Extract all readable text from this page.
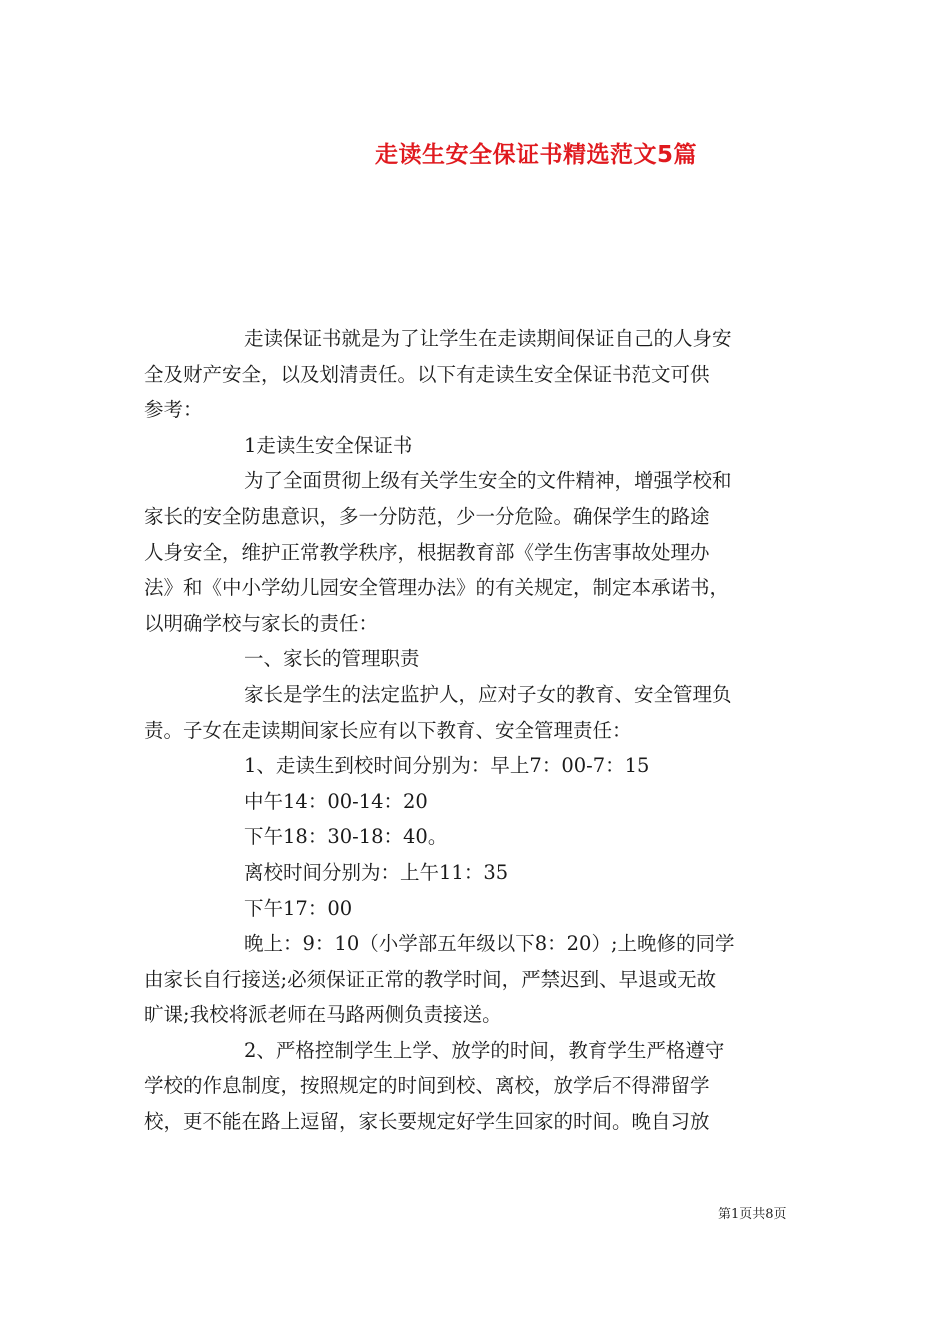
走读生安全保证书精选范文5篇
走读保证书就是为了让学生在走读期间保证自己的人身安
全及财产安全，以及划清责任。以下有走读生安全保证书范文可供
参考：
1走读生安全保证书
为了全面贯彻上级有关学生安全的文件精神，增强学校和
家长的安全防患意识，多一分防范，少一分危险。确保学生的路途
人身安全，维护正常教学秩序，根据教育部《学生伤害事故处理办
法》和《中小学幼儿园安全管理办法》的有关规定，制定本承诺书，
以明确学校与家长的责任：
一、家长的管理职责
家长是学生的法定监护人，应对子女的教育、安全管理负
责。子女在走读期间家长应有以下教育、安全管理责任：
1、走读生到校时间分别为：早上7：00-7：15
中午14：00-14：20
下午18：30-18：40。
离校时间分别为：上午11：35
下午17：00
晚上：9：10（小学部五年级以下8：20）;上晚修的同学
由家长自行接送;必须保证正常的教学时间，严禁迟到、早退或无故
旷课;我校将派老师在马路两侧负责接送。
2、严格控制学生上学、放学的时间，教育学生严格遵守
学校的作息制度，按照规定的时间到校、离校，放学后不得滞留学
校，更不能在路上逗留，家长要规定好学生回家的时间。晚自习放
第1页共8页
